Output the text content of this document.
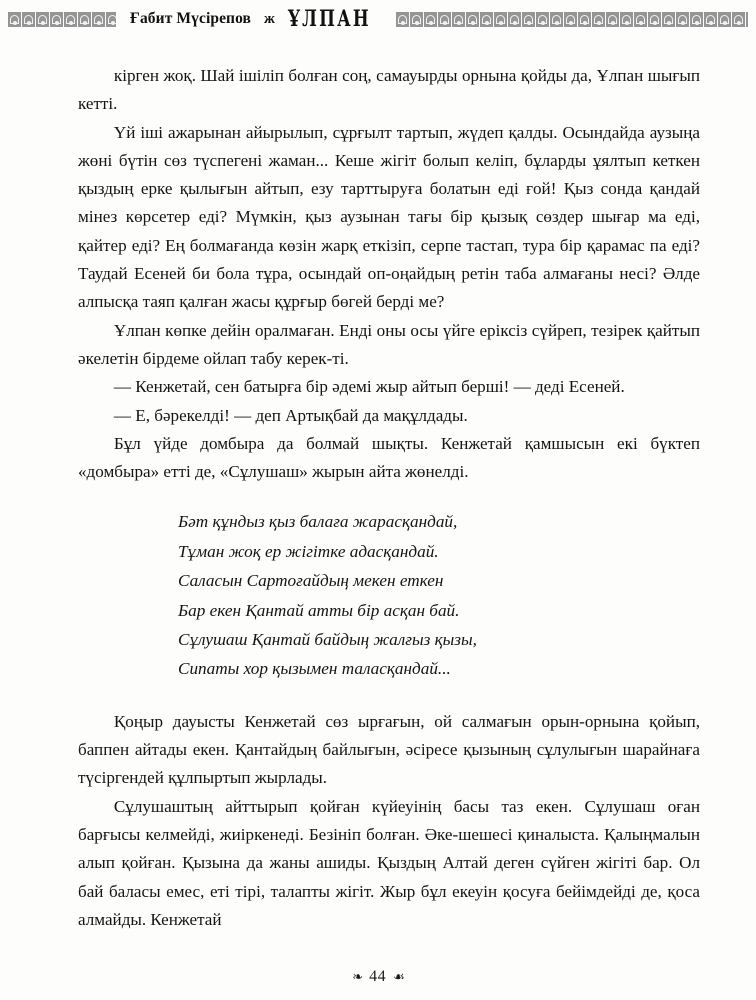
Ғабит Мүсірепов ж ҰЛПАН

кірген жоқ. Шай ішіліп болған соң, самауырды орнына қойды да, Ұлпан шығып кетті.

Үй іші ажарынан айырылып, сұрғылт тартып, жүдеп қалды. Осындайда аузыңа жөні бүтін сөз түспегені жаман... Кеше жігіт болып келіп, бұларды ұялтып кеткен қыздың ерке қылығын айтып, езу тарттыруға болатын еді ғой! Қыз сонда қандай мінез көрсетер еді? Мүмкін, қыз аузынан тағы бір қызық сөздер шығар ма еді, қайтер еді? Ең болмағанда көзін жарқ еткізіп, серпе тастап, тура бір қарамас па еді? Таудай Есеней би бола тұра, осындай оп-оңайдың ретін таба алмағаны несі? Әлде алпысқа таяп қалған жасы құрғыр бөгей берді ме?

Ұлпан көпке дейін оралмаған. Енді оны осы үйге еріксіз сүйреп, тезірек қайтып әкелетін бірдеме ойлап табу керек-ті.

— Кенжетай, сен батырға бір әдемі жыр айтып берші! — деді Есеней.

— Е, бәрекелді! — деп Артықбай да мақұлдады.

Бұл үйде домбыра да болмай шықты. Кенжетай қамшысын екі бүктеп «домбыра» етті де, «Сұлушаш» жырын айта жөнелді.

Бәт құндыз қыз балаға жарасқандай,
Тұман жоқ ер жігітке адасқандай.
Саласын Сартоғайдың мекен еткен
Бар екен Қантай атты бір асқан бай.
Сұлушаш Қантай байдың жалғыз қызы,
Сипаты хор қызымен таласқандай...

Қоңыр дауысты Кенжетай сөз ырғағын, ой салмағын орын-орнына қойып, баппен айтады екен. Қантайдың байлығын, әсіресе қызының сұлулығын шарайнаға түсіргендей құлпыртып жырлады.

Сұлушаштың айттырып қойған күйеуінің басы таз екен. Сұлушаш оған барғысы келмейді, жиіркенеді. Безініп болған. Әке-шешесі қиналыста. Қалыңмалын алып қойған. Қызына да жаны ашиды. Қыздың Алтай деген сүйген жігіті бар. Ол бай баласы емес, еті тірі, талапты жігіт. Жыр бұл екеуін қосуға бейімдейді де, қоса алмайды. Кенжетай

❧ 44 ☙
